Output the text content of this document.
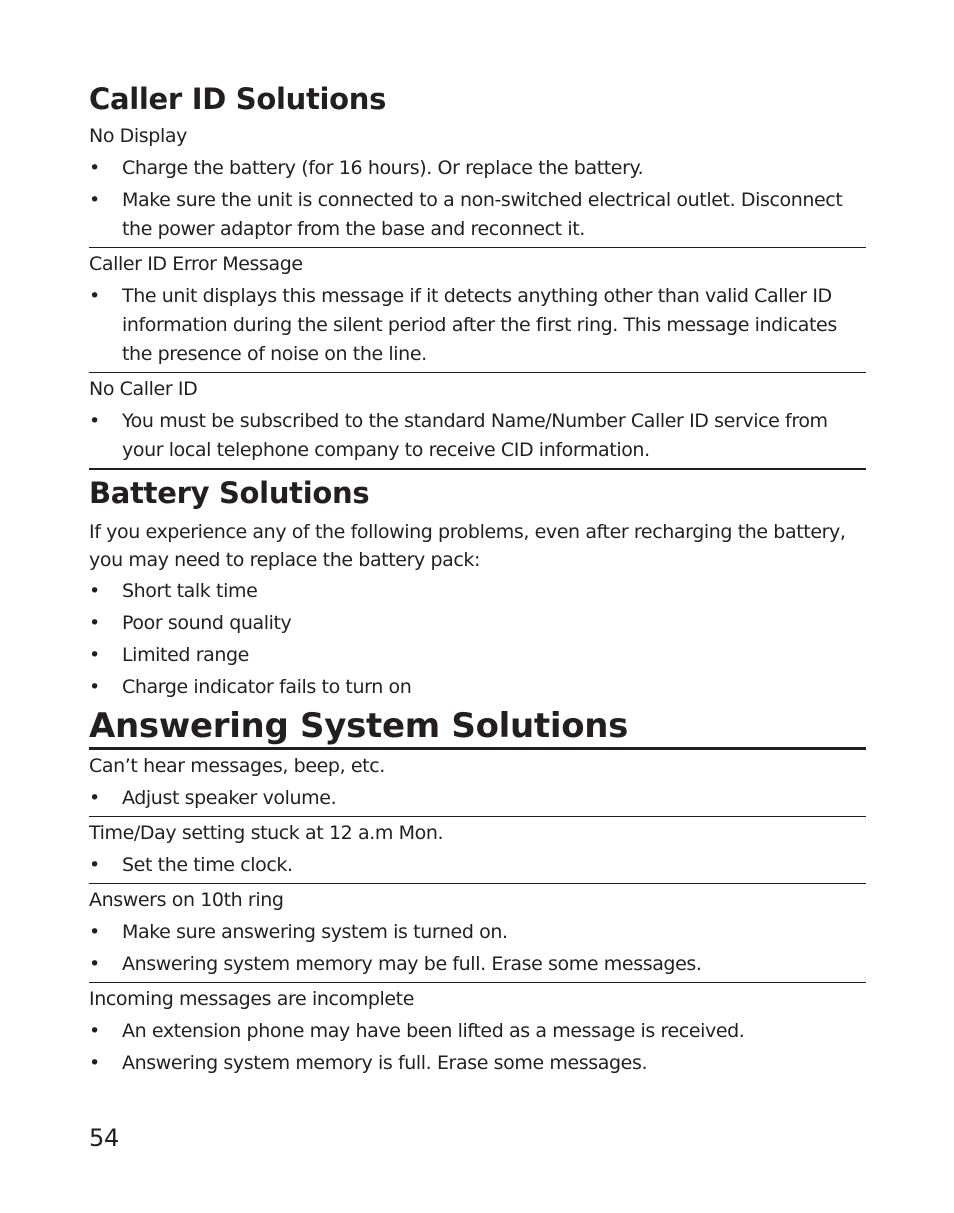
Caller ID Solutions

No Display

• Charge the battery (for 16 hours). Or replace the battery.
• Make sure the unit is connected to a non-switched electrical outlet. Disconnect the power adaptor from the base and reconnect it.

Caller ID Error Message

• The unit displays this message if it detects anything other than valid Caller ID information during the silent period after the first ring. This message indicates the presence of noise on the line.

No Caller ID

• You must be subscribed to the standard Name/Number Caller ID service from your local telephone company to receive CID information.
Battery Solutions

If you experience any of the following problems, even after recharging the battery, you may need to replace the battery pack:

• Short talk time
• Poor sound quality
• Limited range
• Charge indicator fails to turn on
Answering System Solutions

Can’t hear messages, beep, etc.

• Adjust speaker volume.

Time/Day setting stuck at 12 a.m Mon.

• Set the time clock.

Answers on 10th ring

• Make sure answering system is turned on.
• Answering system memory may be full. Erase some messages.

Incoming messages are incomplete

• An extension phone may have been lifted as a message is received.
• Answering system memory is full. Erase some messages.
54
